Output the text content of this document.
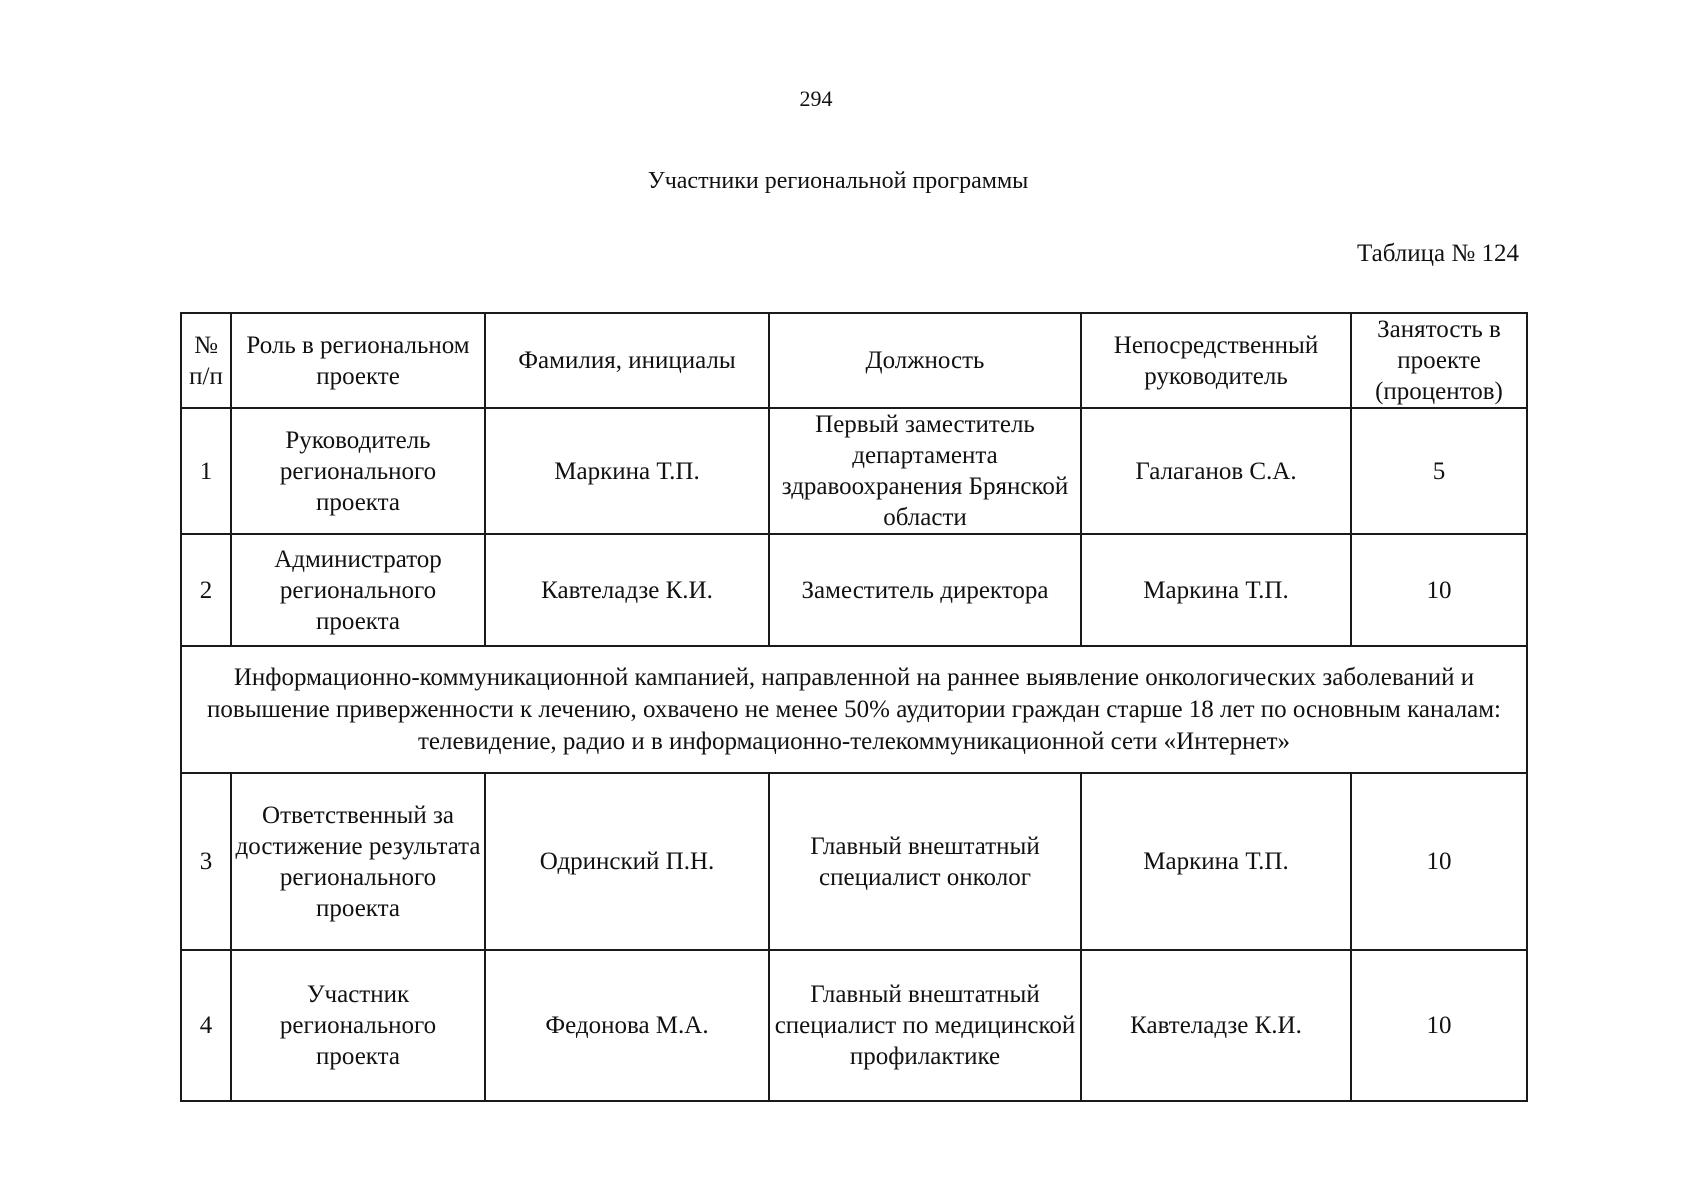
294
Участники региональной программы
Таблица № 124
№ п/п	Роль в региональном проекте	Фамилия, инициалы	Должность	Непосредственный руководитель	Занятость в проекте (процентов)
1	Руководитель регионального проекта	Маркина Т.П.	Первый заместитель департамента здравоохранения Брянской области	Галаганов С.А.	5
2	Администратор регионального проекта	Кавтеладзе К.И.	Заместитель директора	Маркина Т.П.	10
Информационно-коммуникационной кампанией, направленной на раннее выявление онкологических заболеваний и повышение приверженности к лечению, охвачено не менее 50% аудитории граждан старше 18 лет по основным каналам: телевидение, радио и в информационно-телекоммуникационной сети «Интернет»					
3	Ответственный за достижение результата регионального проекта	Одринский П.Н.	Главный внештатный специалист онколог	Маркина Т.П.	10
4	Участник регионального проекта	Федонова М.А.	Главный внештатный специалист по медицинской профилактике	Кавтеладзе К.И.	10
